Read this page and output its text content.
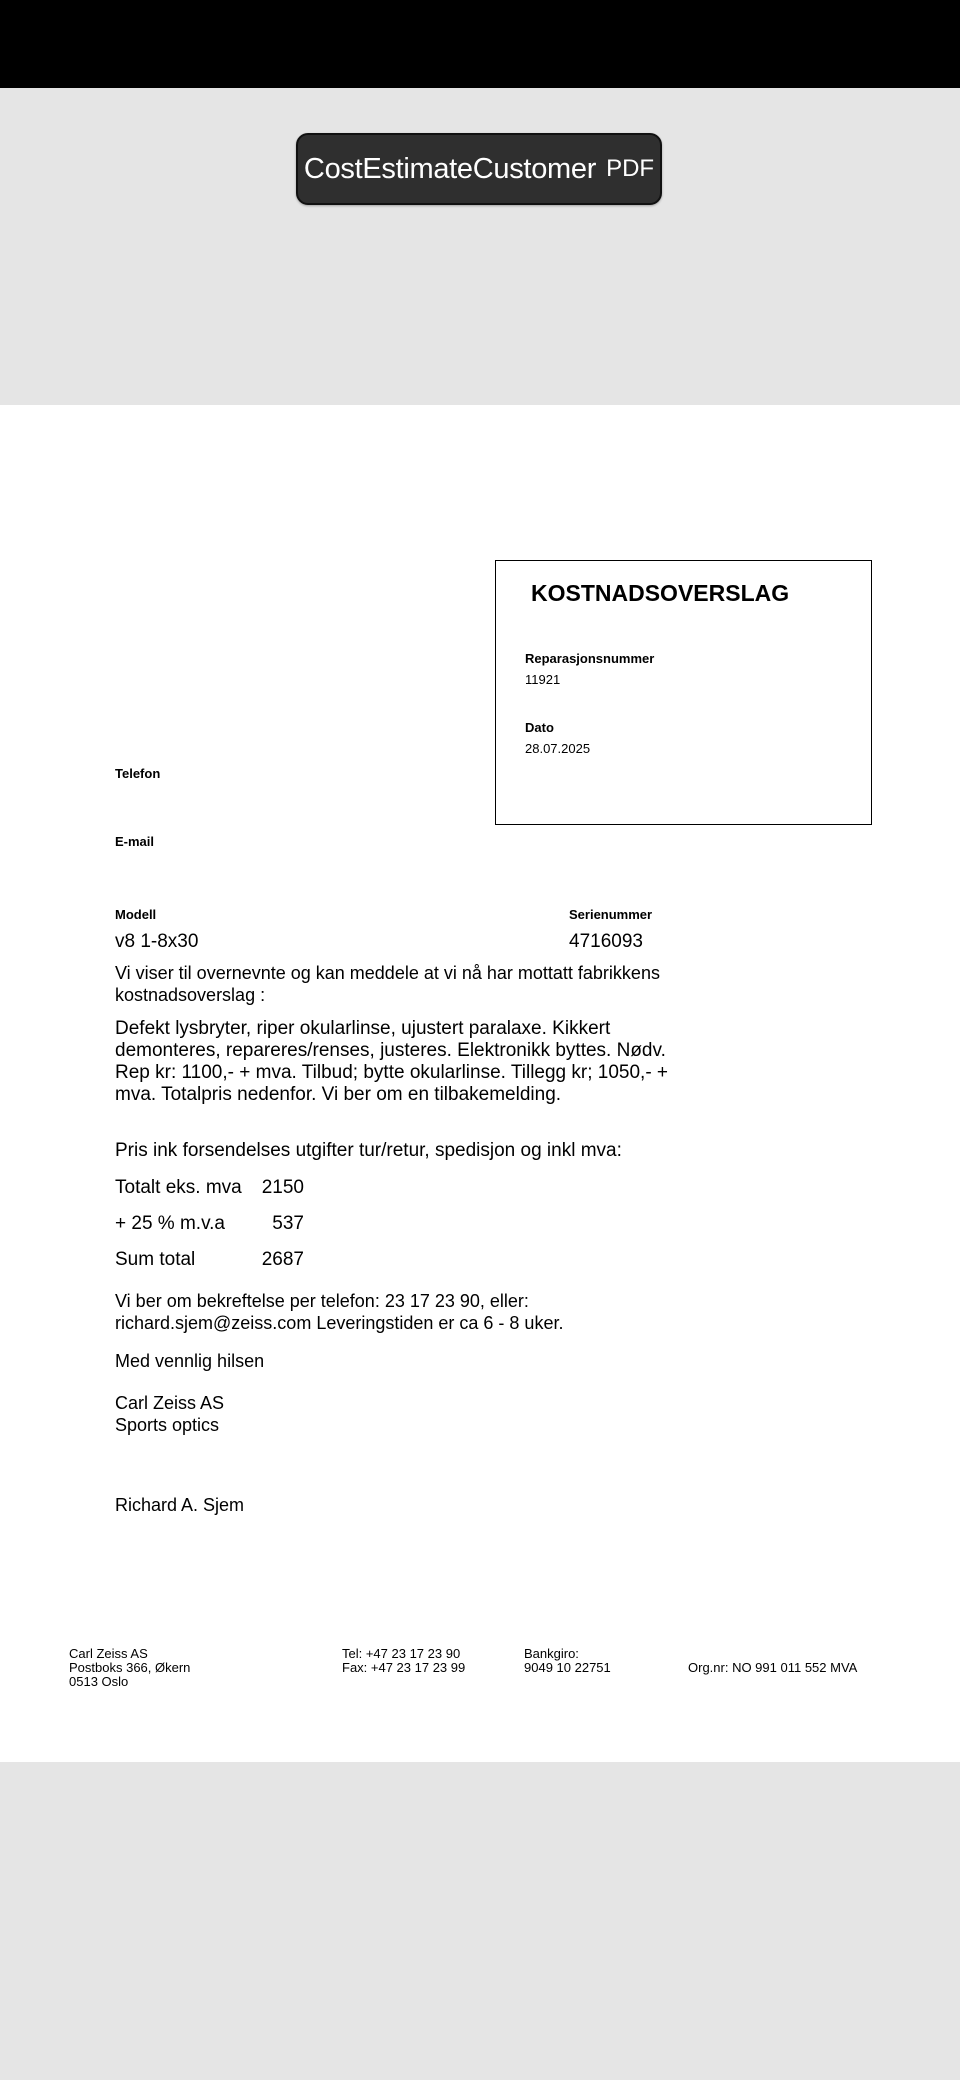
CostEstimateCustomer PDF
KOSTNADSOVERSLAG
Reparasjonsnummer
11921
Dato
28.07.2025
Telefon
E-mail
Modell
v8 1-8x30
Serienummer
4716093
Vi viser til overnevnte og kan meddele at vi nå har mottatt fabrikkens
kostnadsoverslag :
Defekt lysbryter, riper okularlinse, ujustert paralaxe. Kikkert
demonteres, repareres/renses, justeres. Elektronikk byttes. Nødv.
Rep kr: 1100,- + mva. Tilbud; bytte okularlinse. Tillegg kr; 1050,- +
mva. Totalpris nedenfor. Vi ber om en tilbakemelding.
Pris ink forsendelses utgifter tur/retur, spedisjon og inkl mva:
Totalt eks. mva	2150
+ 25 % m.v.a	537
Sum total	2687
Vi ber om bekreftelse per telefon: 23 17 23 90, eller:
richard.sjem@zeiss.com Leveringstiden er ca 6 - 8 uker.
Med vennlig hilsen
Carl Zeiss AS
Sports optics
Richard A. Sjem
Carl Zeiss AS
Postboks 366, Økern
0513 Oslo
Tel: +47 23 17 23 90
Fax: +47 23 17 23 99
Bankgiro:
9049 10 22751	Org.nr: NO 991 011 552 MVA
